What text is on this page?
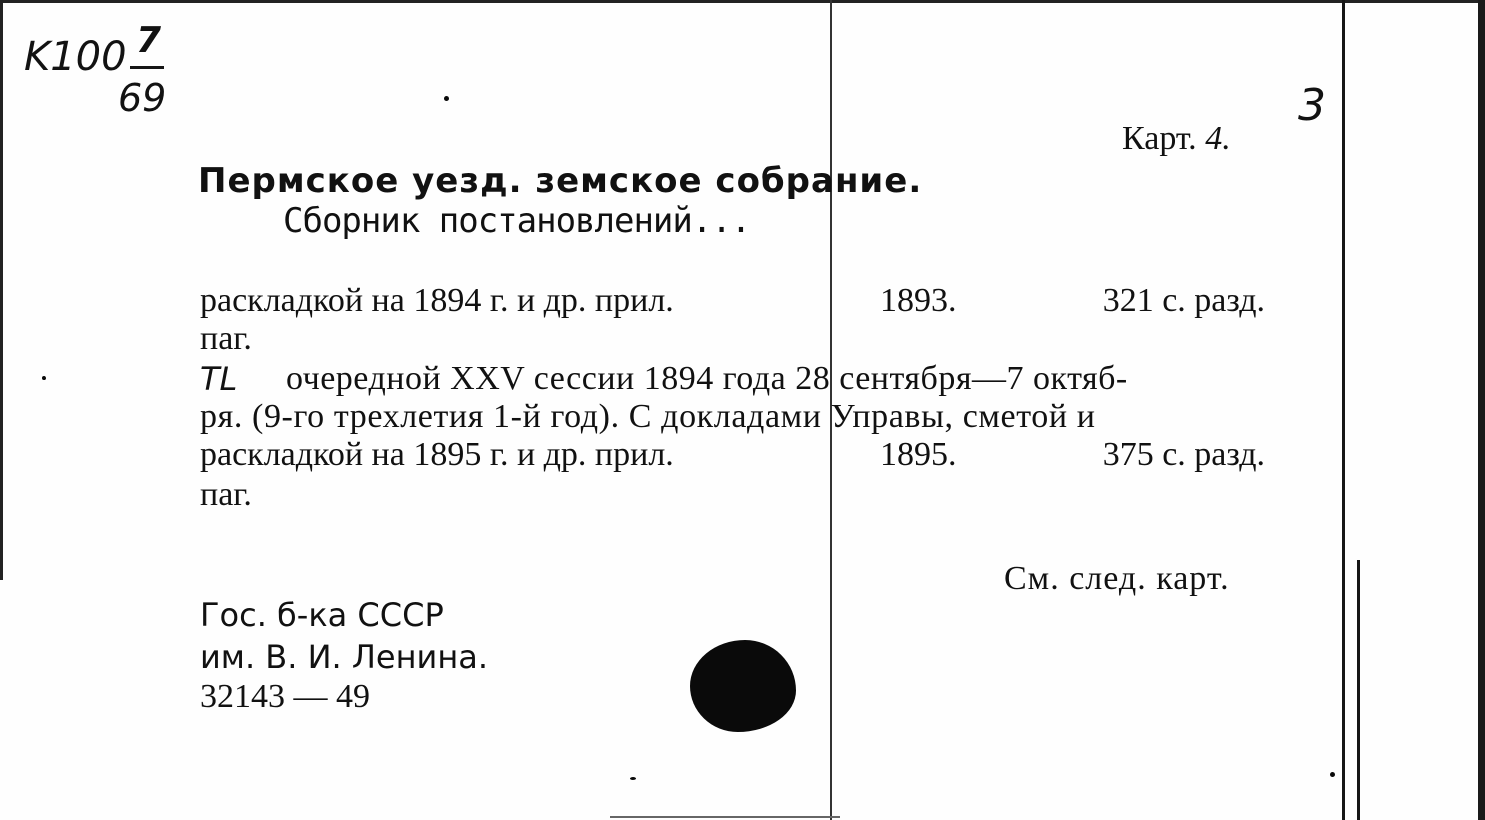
K100 7
69	3
Карт. 4.
Пермское уезд. земское собрание.
Сборник постановлений...
раскладкой на 1894 г. и др. прил.	1893.	321 с. разд.
паг.
TL очередной XXV сессии 1894 года 28 сентября—7 октяб-
ря. (9-го трехлетия 1-й год). С докладами Управы, сметой и
раскладкой на 1895 г. и др. прил.	1895.	375 с. разд.
паг.
См. след. карт.
Гос. б-ка СССР
им. В. И. Ленина.
32143 — 49
